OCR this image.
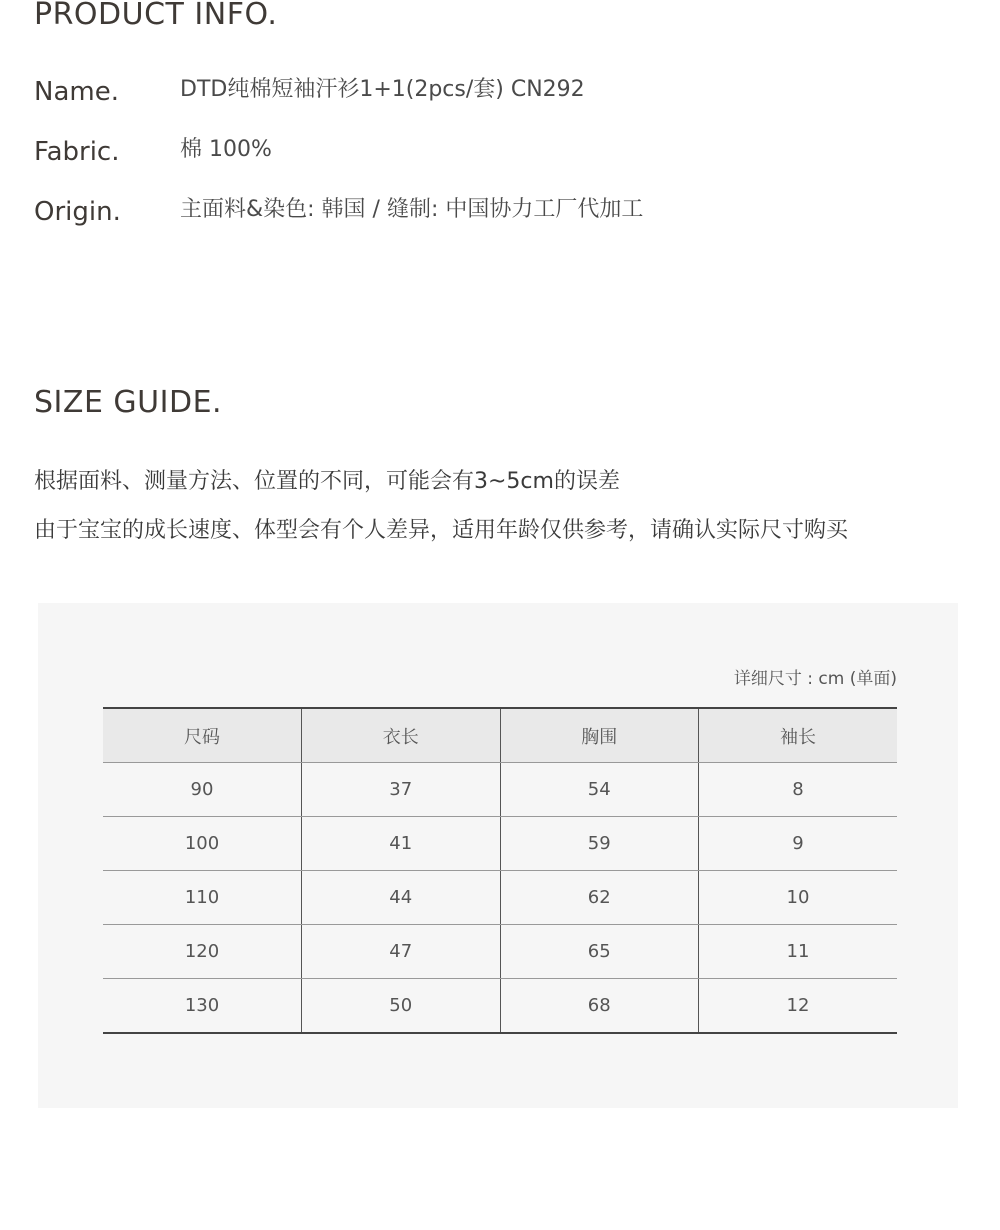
PRODUCT INFO.
Name.	DTD纯棉短袖汗衫1+1(2pcs/套) CN292
Fabric.	棉 100%
Origin.	主面料&染色: 韩国 / 缝制: 中国协力工厂代加工
SIZE GUIDE.

根据面料、测量方法、位置的不同，可能会有3~5cm的误差

由于宝宝的成长速度、体型会有个人差异，适用年龄仅供参考，请确认实际尺寸购买

详细尺寸 : cm (单面)
尺码	衣长	胸围	袖长
90	37	54	8
100	41	59	9
110	44	62	10
120	47	65	11
130	50	68	12
